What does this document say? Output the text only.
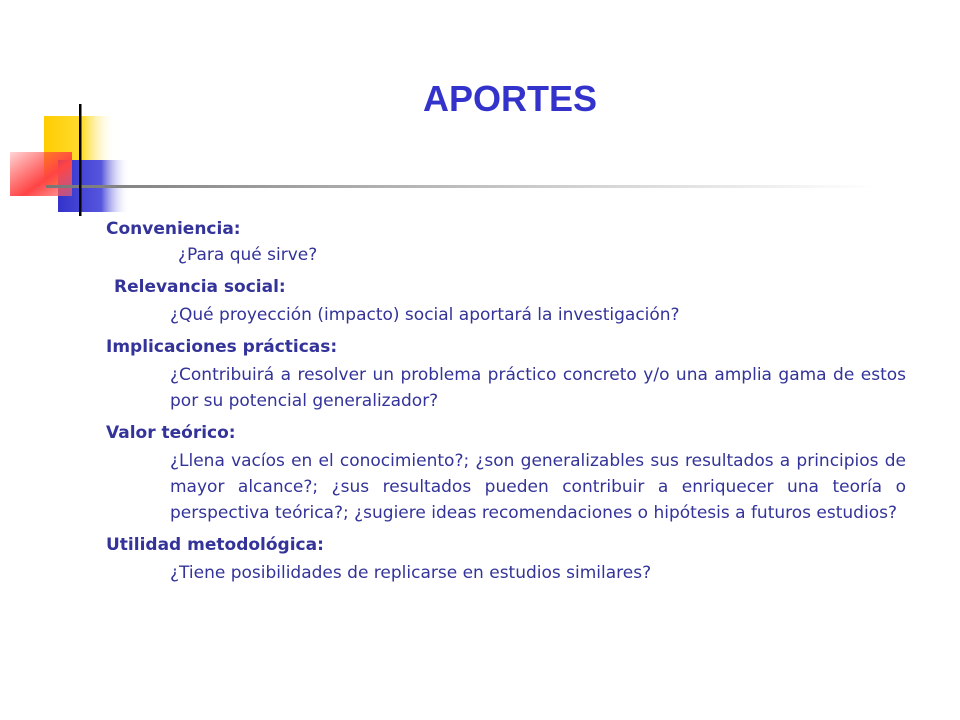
APORTES
Conveniencia:
¿Para qué sirve?
Relevancia social:
¿Qué proyección (impacto) social aportará la investigación?
Implicaciones prácticas:
¿Contribuirá a resolver un problema práctico concreto y/o una amplia gama de estos por su potencial generalizador?
Valor teórico:
¿Llena vacíos en el conocimiento?; ¿son generalizables sus resultados a principios de mayor alcance?; ¿sus resultados pueden contribuir a enriquecer una teoría o perspectiva teórica?; ¿sugiere ideas recomendaciones o hipótesis a futuros estudios?
Utilidad metodológica:
¿Tiene posibilidades de replicarse en estudios similares?
